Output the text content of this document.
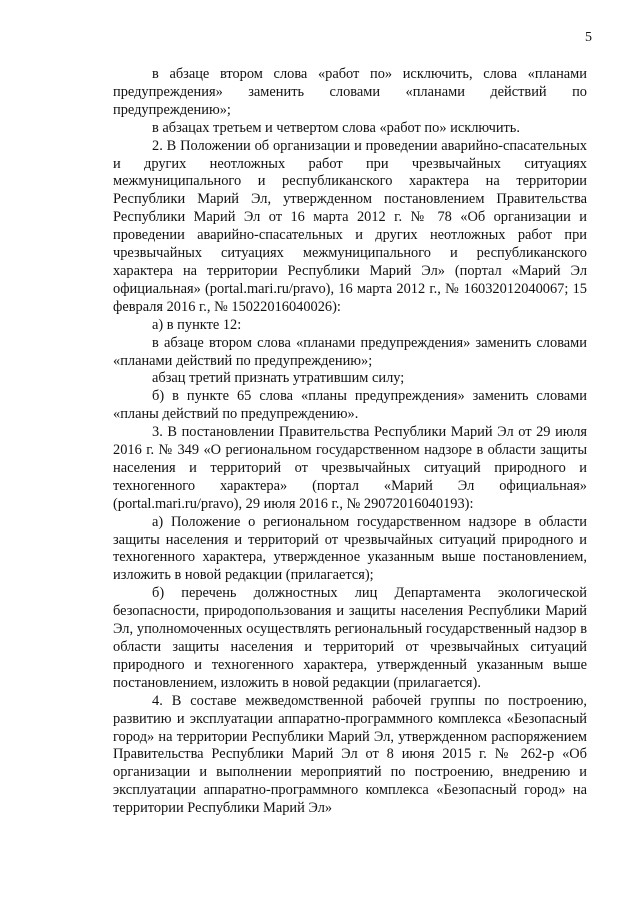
5

в абзаце втором слова «работ по» исключить, слова «планами предупреждения» заменить словами «планами действий по предупреждению»;

в абзацах третьем и четвертом слова «работ по» исключить.

2. В Положении об организации и проведении аварийно-спасательных и других неотложных работ при чрезвычайных ситуациях межмуниципального и республиканского характера на территории Республики Марий Эл, утвержденном постановлением Правительства Республики Марий Эл от 16 марта 2012 г. № 78 «Об организации и проведении аварийно-спасательных и других неотложных работ при чрезвычайных ситуациях межмуниципального и республиканского характера на территории Республики Марий Эл» (портал «Марий Эл официальная» (portal.mari.ru/pravo), 16 марта 2012 г., № 16032012040067; 15 февраля 2016 г., № 15022016040026):

а) в пункте 12:

в абзаце втором слова «планами предупреждения» заменить словами «планами действий по предупреждению»;

абзац третий признать утратившим силу;

б) в пункте 65 слова «планы предупреждения» заменить словами «планы действий по предупреждению».

3. В постановлении Правительства Республики Марий Эл от 29 июля 2016 г. № 349 «О региональном государственном надзоре в области защиты населения и территорий от чрезвычайных ситуаций природного и техногенного характера» (портал «Марий Эл официальная» (portal.mari.ru/pravo), 29 июля 2016 г., № 29072016040193):

а) Положение о региональном государственном надзоре в области защиты населения и территорий от чрезвычайных ситуаций природного и техногенного характера, утвержденное указанным выше постановлением, изложить в новой редакции (прилагается);

б) перечень должностных лиц Департамента экологической безопасности, природопользования и защиты населения Республики Марий Эл, уполномоченных осуществлять региональный государственный надзор в области защиты населения и территорий от чрезвычайных ситуаций природного и техногенного характера, утвержденный указанным выше постановлением, изложить в новой редакции (прилагается).

4. В составе межведомственной рабочей группы по построению, развитию и эксплуатации аппаратно-программного комплекса «Безопасный город» на территории Республики Марий Эл, утвержденном распоряжением Правительства Республики Марий Эл от 8 июня 2015 г. № 262-р «Об организации и выполнении мероприятий по построению, внедрению и эксплуатации аппаратно-программного комплекса «Безопасный город» на территории Республики Марий Эл»
